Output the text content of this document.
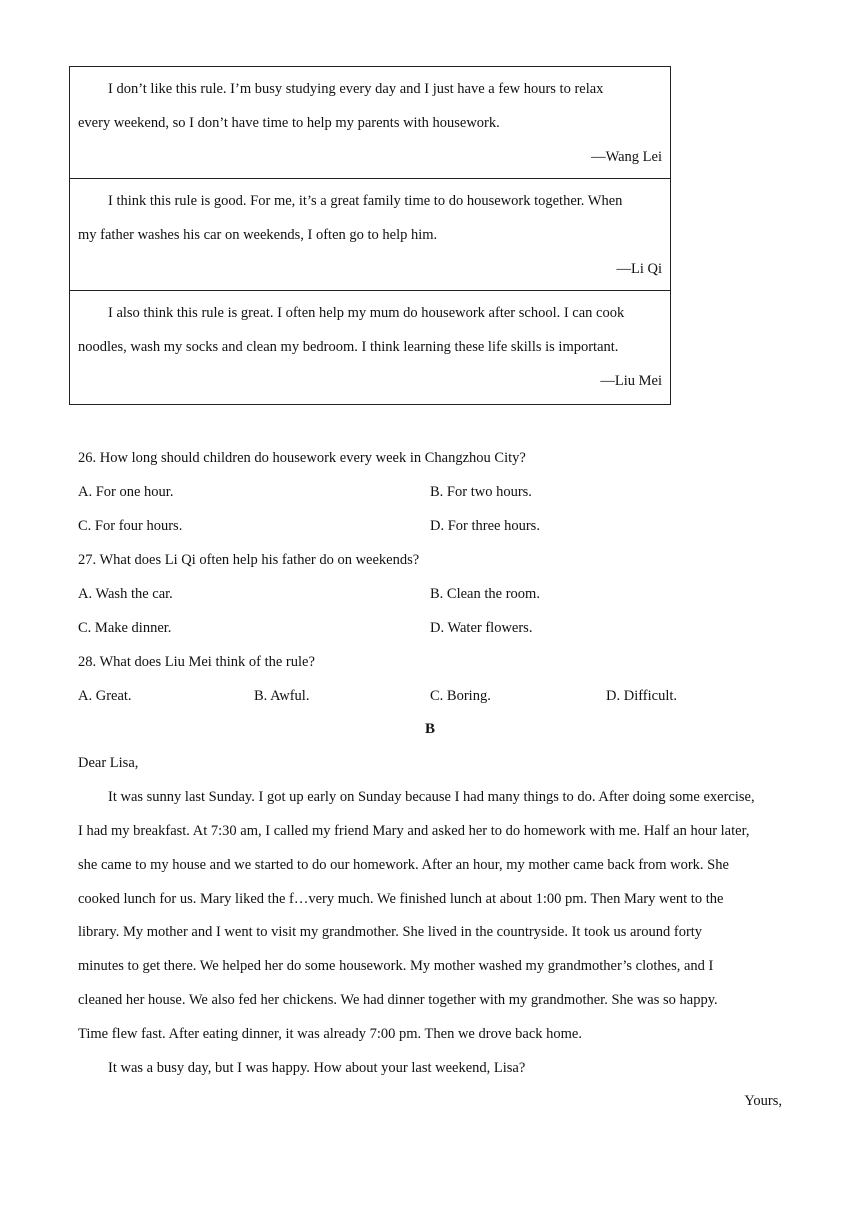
I don’t like this rule. I’m busy studying every day and I just have a few hours to relax
every weekend, so I don’t have time to help my parents with housework.
—Wang Lei
I think this rule is good. For me, it’s a great family time to do housework together. When
my father washes his car on weekends, I often go to help him.
—Li Qi
I also think this rule is great. I often help my mum do housework after school. I can cook
noodles, wash my socks and clean my bedroom. I think learning these life skills is important.
—Liu Mei
26. How long should children do housework every week in Changzhou City?
A. For one hour.	B. For two hours.
C. For four hours.	D. For three hours.
27. What does Li Qi often help his father do on weekends?
A. Wash the car.	B. Clean the room.
C. Make dinner.	D. Water flowers.
28. What does Liu Mei think of the rule?
A. Great.	B. Awful.	C. Boring.	D. Difficult.
B
Dear Lisa,
It was sunny last Sunday. I got up early on Sunday because I had many things to do. After doing some exercise,
I had my breakfast. At 7:30 am, I called my friend Mary and asked her to do homework with me. Half an hour later,
she came to my house and we started to do our homework. After an hour, my mother came back from work. She
cooked lunch for us. Mary liked the f…very much. We finished lunch at about 1:00 pm. Then Mary went to the
library. My mother and I went to visit my grandmother. She lived in the countryside. It took us around forty
minutes to get there. We helped her do some housework. My mother washed my grandmother’s clothes, and I
cleaned her house. We also fed her chickens. We had dinner together with my grandmother. She was so happy.
Time flew fast. After eating dinner, it was already 7:00 pm. Then we drove back home.
It was a busy day, but I was happy. How about your last weekend, Lisa?
Yours,
